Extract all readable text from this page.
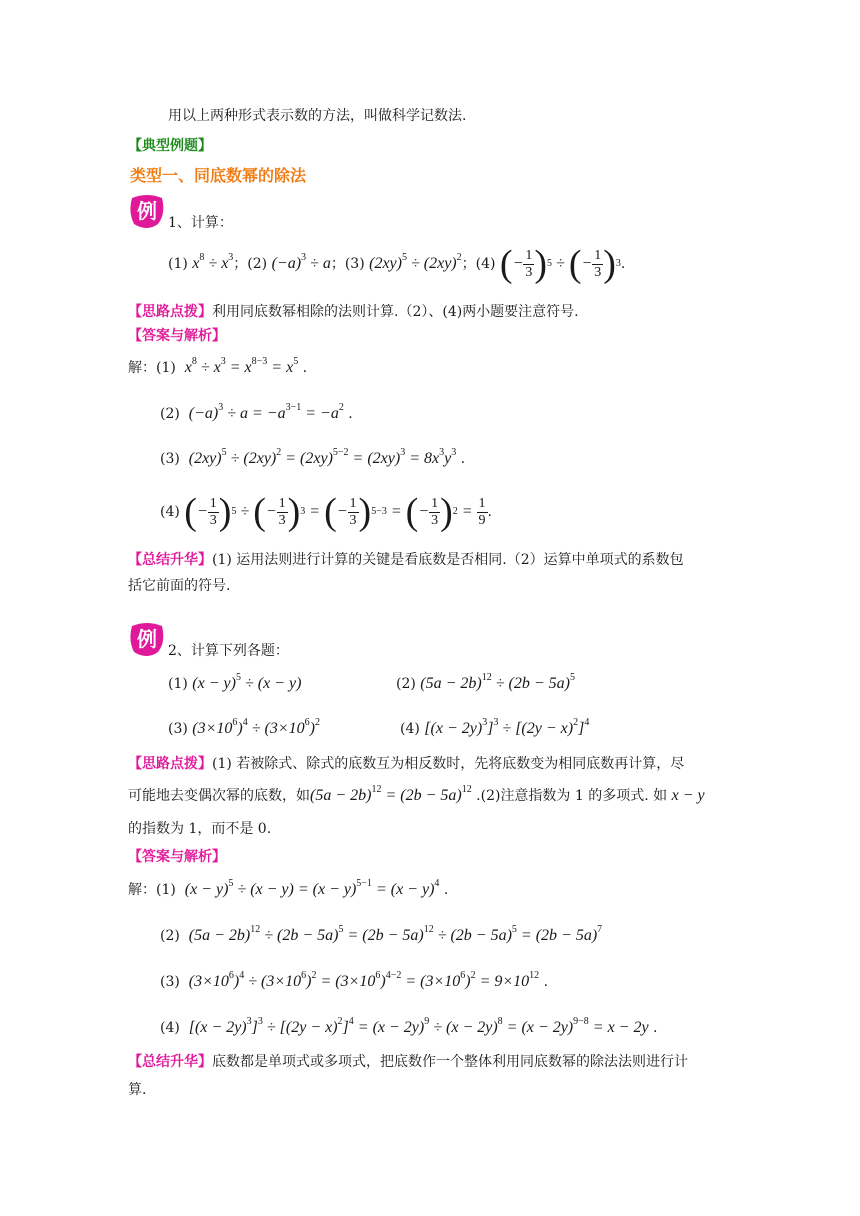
用以上两种形式表示数的方法，叫做科学记数法.
【典型例题】
类型一、同底数幂的除法
例 1、计算：
(1)
$x^8 \div x^3$ ； (2)
$(-a)^3 \div a$ ； (3)
$(2xy)^5 \div (2xy)^2$ ； (4)
( − $\frac{1}{3}$ ) 5 ÷ ( − $\frac{1}{3}$ ) 3 .
【思路点拨】利用同底数幂相除的法则计算.（2）、(4)两小题要注意符号.
【答案与解析】
解：(1) $x^8 \div x^3 = x^{8-3} = x^5$ .
(2) $(-a)^3 \div a = -a^{3-1} = -a^2$ .
(3) $(2xy)^5 \div (2xy)^2 = (2xy)^{5-2} = (2xy)^3 = 8x^3y^3$ .
(4)
( − $\frac{1}{3}$ ) 5 ÷ ( − $\frac{1}{3}$ ) 3 = ( − $\frac{1}{3}$ ) 5−3 = ( − $\frac{1}{3}$ ) $2 = \frac{1}{9}$ .
【总结升华】(1) 运用法则进行计算的关键是看底数是否相同.（2）运算中单项式的系数包
括它前面的符号.
例 2、计算下列各题：
(1) $(x - y)^5 \div (x - y)$	(2) $(5a - 2b)^{12} \div (2b - 5a)^5$
(3) $(3\times 10^6)^4 \div (3\times 10^6)^2$	(4) $[(x - 2y)^3]^3 \div [(2y - x)^2]^4$
【思路点拨】(1) 若被除式、除式的底数互为相反数时，先将底数变为相同底数再计算，尽
可能地去变偶次幂的底数，如$(5a - 2b)^{12} = (2b - 5a)^{12}$ .(2)注意指数为 1 的多项式. 如 x − y
的指数为 1，而不是 0.
【答案与解析】
解：(1) $(x - y)^5 \div (x - y) = (x - y)^{5-1} = (x - y)^4$ .
(2) $(5a - 2b)^{12} \div (2b - 5a)^5 = (2b - 5a)^{12} \div (2b - 5a)^5 = (2b - 5a)^7$
(3) $(3\times 10^6)^4 \div (3\times 10^6)^2 = (3\times 10^6)^{4-2} = (3\times 10^6)^2 = 9\times 10^{12}$ .
(4) $[(x - 2y)^3]^3 \div [(2y - x)^2]^4 = (x - 2y)^9 \div (x - 2y)^8 = (x - 2y)^{9-8} = x - 2y$ .
【总结升华】底数都是单项式或多项式，把底数作一个整体利用同底数幂的除法法则进行计
算.
